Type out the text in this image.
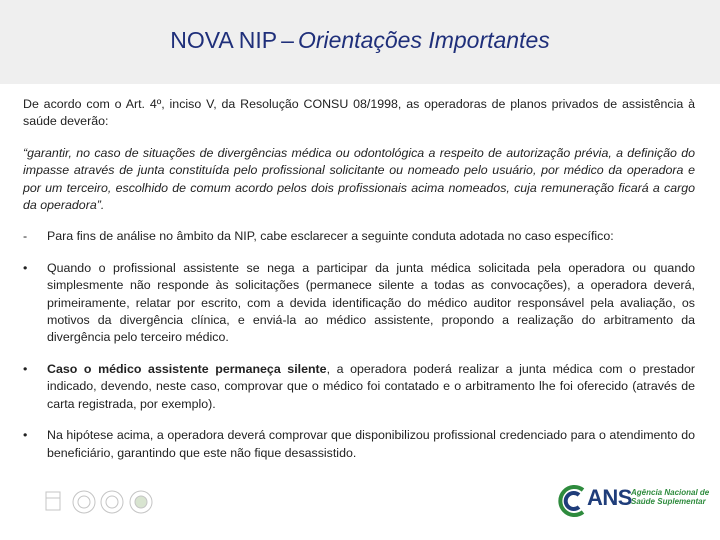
NOVA NIP – Orientações Importantes

De acordo com o Art. 4º, inciso V, da Resolução CONSU 08/1998, as operadoras de planos privados de assistência à saúde deverão:

“garantir, no caso de situações de divergências médica ou odontológica a respeito de autorização prévia, a definição do impasse através de junta constituída pelo profissional solicitante ou nomeado pelo usuário, por médico da operadora e por um terceiro, escolhido de comum acordo pelos dois profissionais acima nomeados, cuja remuneração ficará a cargo da operadora”.

-	Para fins de análise no âmbito da NIP, cabe esclarecer a seguinte conduta adotada no caso específico:
•	Quando o profissional assistente se nega a participar da junta médica solicitada pela operadora ou quando simplesmente não responde às solicitações (permanece silente a todas as convocações), a operadora deverá, primeiramente, relatar por escrito, com a devida identificação do médico auditor responsável pela avaliação, os motivos da divergência clínica, e enviá-la ao médico assistente, propondo a realização do arbitramento da divergência pelo terceiro médico.
•	Caso o médico assistente permaneça silente, a operadora poderá realizar a junta médica com o prestador indicado, devendo, neste caso, comprovar que o médico foi contatado e o arbitramento lhe foi oferecido (através de carta registrada, por exemplo).
•	Na hipótese acima, a operadora deverá comprovar que disponibilizou profissional credenciado para o atendimento do beneficiário, garantindo que este não fique desassistido.
ANS Agência Nacional de
Saúde Suplementar
